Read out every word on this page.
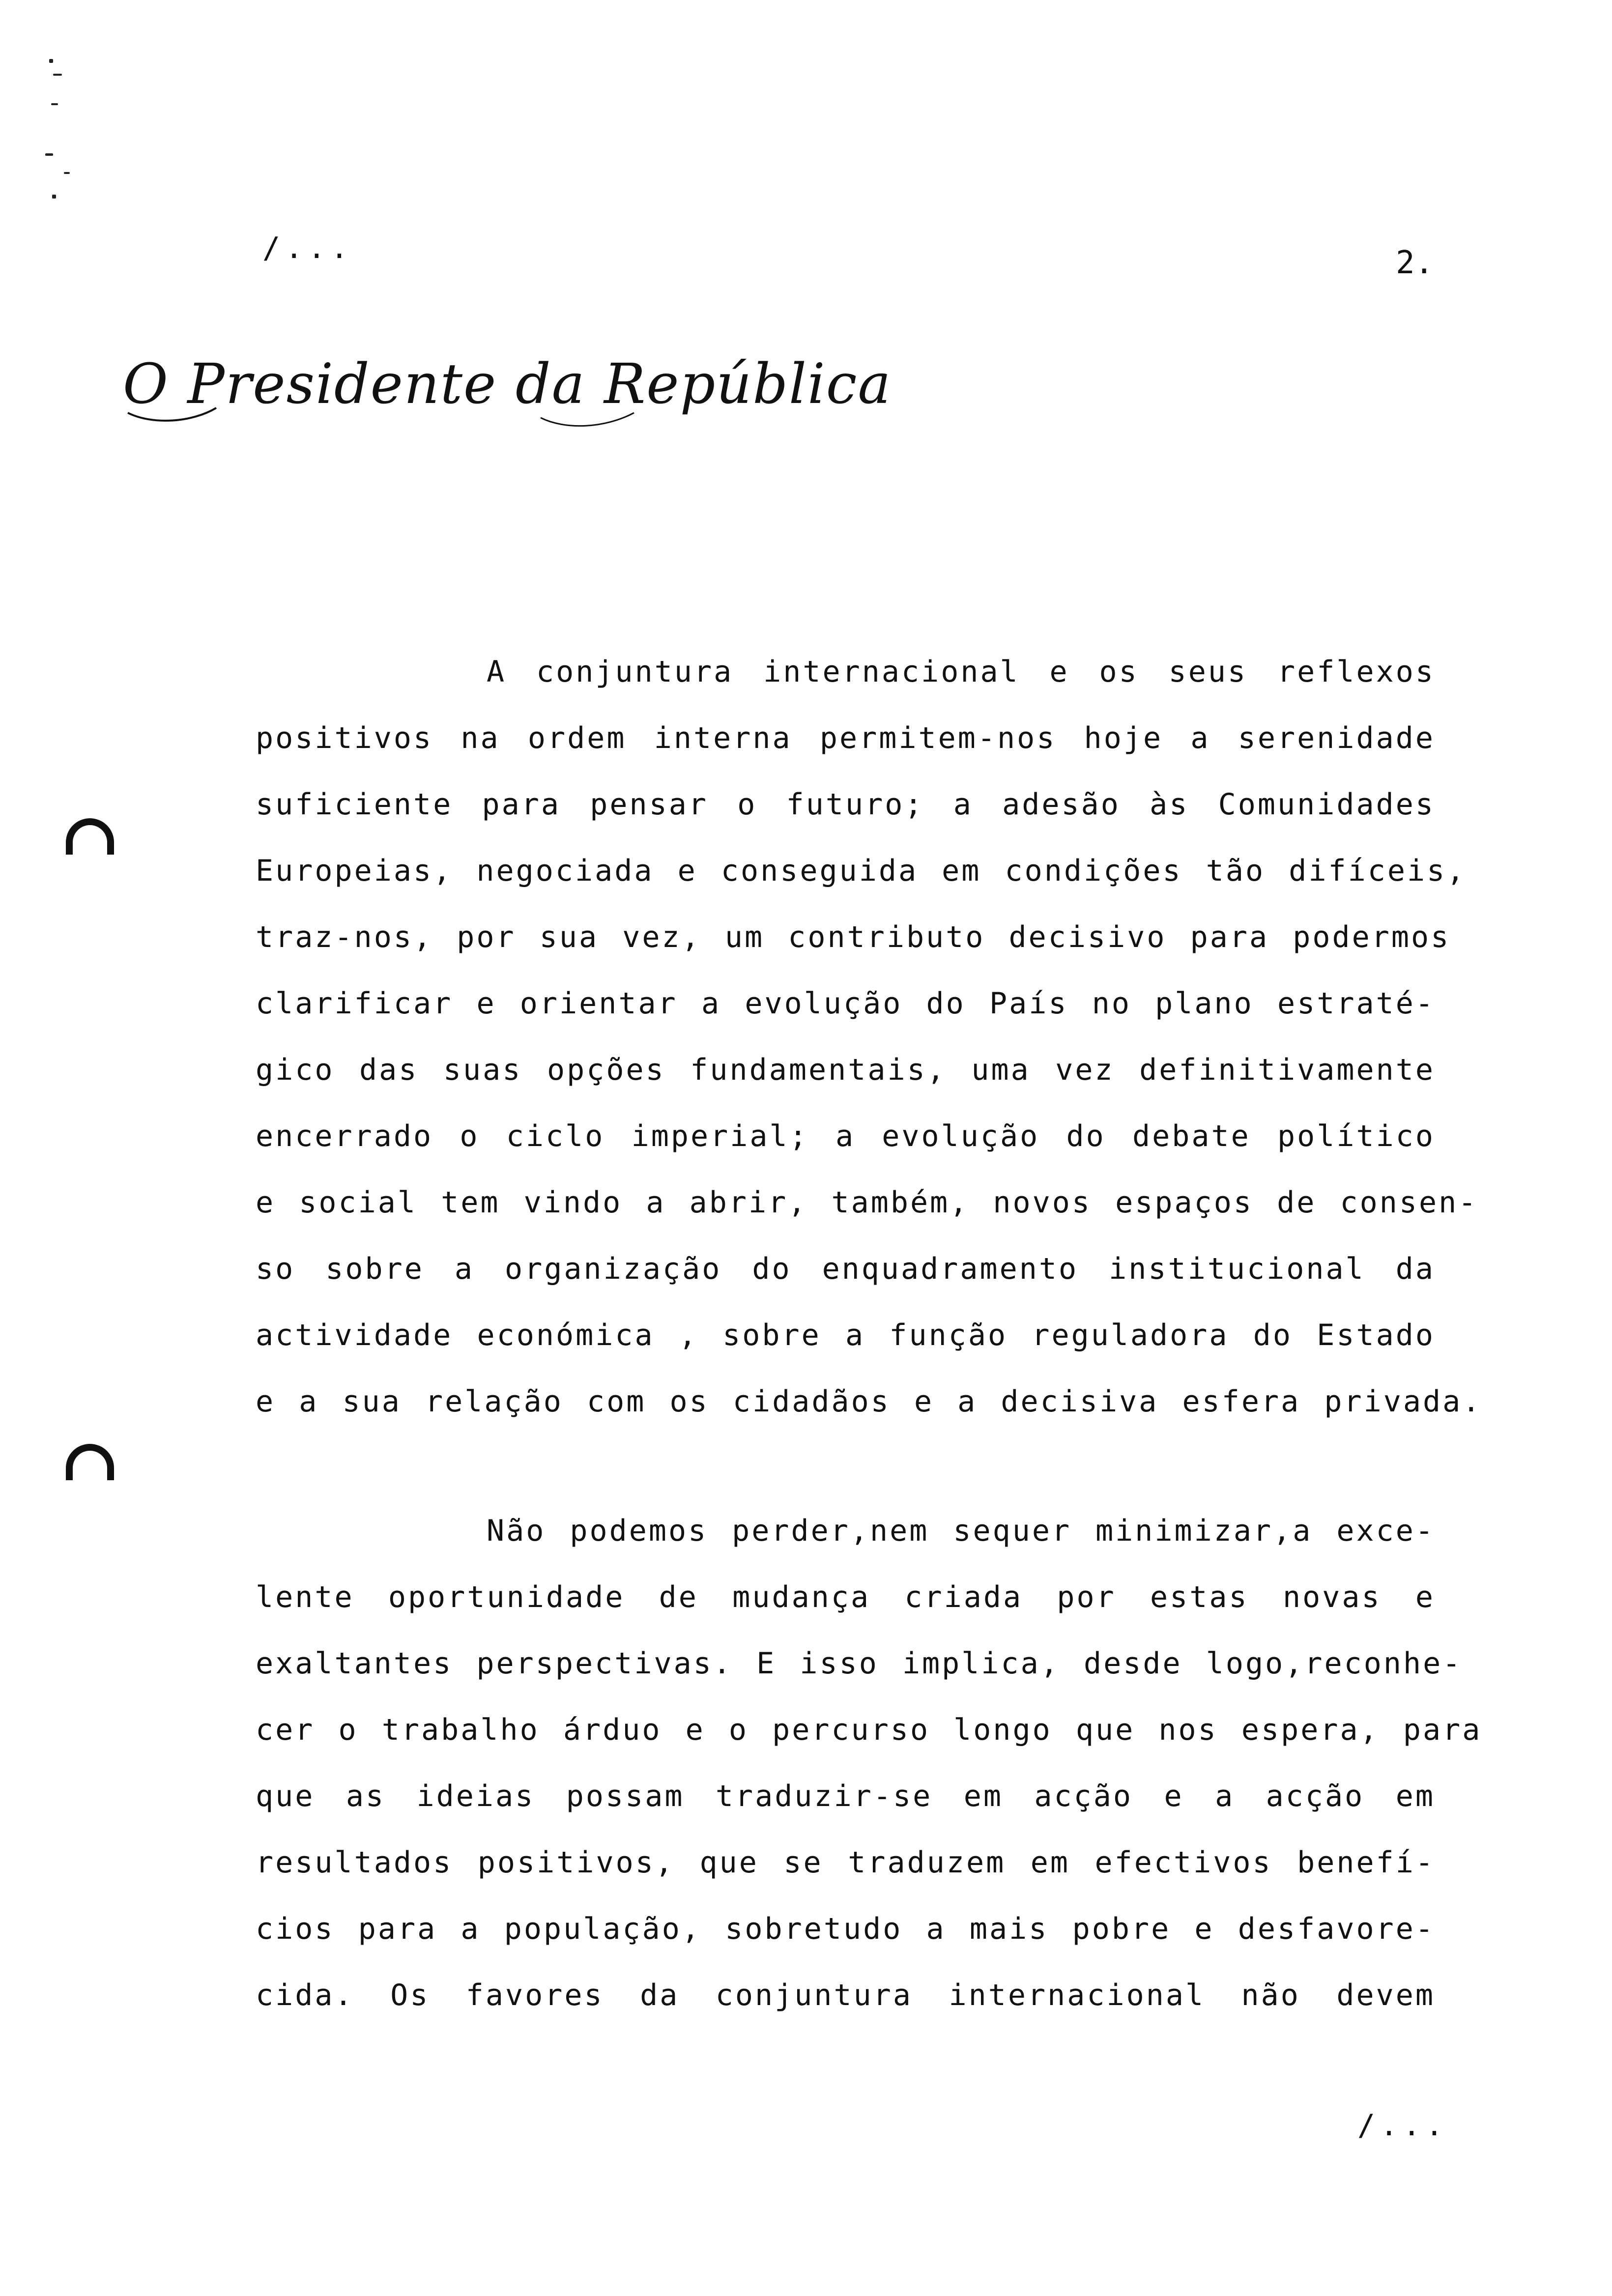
/...	2.
O Presidente da República
A conjuntura internacional e os seus reflexos
positivos na ordem interna permitem-nos hoje a serenidade
suficiente para pensar o futuro; a adesão às Comunidades
Europeias, negociada e conseguida em condições tão difíceis,
traz-nos, por sua vez, um contributo decisivo para podermos
clarificar e orientar a evolução do País no plano estraté-
gico das suas opções fundamentais, uma vez definitivamente
encerrado o ciclo imperial; a evolução do debate político
e social tem vindo a abrir, também, novos espaços de consen-
so sobre a organização do enquadramento institucional da
actividade económica , sobre a função reguladora do Estado
e a sua relação com os cidadãos e a decisiva esfera privada.
Não podemos perder,nem sequer minimizar,a exce-
lente oportunidade de mudança criada por estas novas e
exaltantes perspectivas. E isso implica, desde logo,reconhe-
cer o trabalho árduo e o percurso longo que nos espera, para
que as ideias possam traduzir-se em acção e a acção em
resultados positivos, que se traduzem em efectivos benefí-
cios para a população, sobretudo a mais pobre e desfavore-
cida. Os favores da conjuntura internacional não devem
/...
